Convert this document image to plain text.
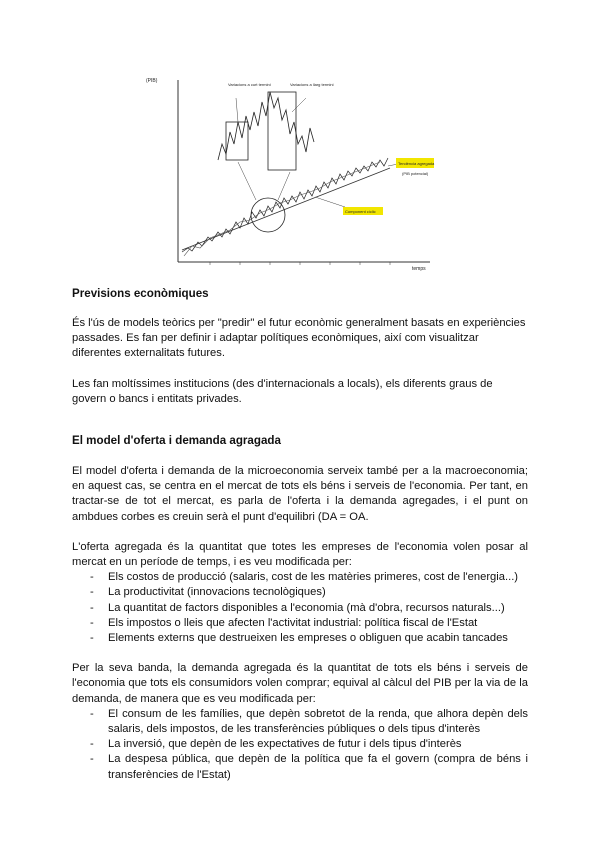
(PIB)
temps
Variacions a curt termini	Variacions a llarg termini
Tendència agregada
(PIB potencial)
Component cíclic
Previsions econòmiques

És l'ús de models teòrics per "predir" el futur econòmic generalment basats en experiències passades. Es fan per definir i adaptar polítiques econòmiques, així com visualitzar diferentes externalitats futures.

Les fan moltíssimes institucions (des d'internacionals a locals), els diferents graus de govern o bancs i entitats privades.

El model d'oferta i demanda agragada

El model d'oferta i demanda de la microeconomia serveix també per a la macroeconomia; en aquest cas, se centra en el mercat de tots els béns i serveis de l'economia. Per tant, en tractar-se de tot el mercat, es parla de l'oferta i la demanda agregades, i el punt on ambdues corbes es creuin serà el punt d'equilibri (DA = OA.

L'oferta agregada és la quantitat que totes les empreses de l'economia volen posar al mercat en un període de temps, i es veu modificada per:

- Els costos de producció (salaris, cost de les matèries primeres, cost de l'energia...)
- La productivitat (innovacions tecnològiques)
- La quantitat de factors disponibles a l'economia (mà d'obra, recursos naturals...)
- Els impostos o lleis que afecten l'activitat industrial: política fiscal de l'Estat
- Elements externs que destrueixen les empreses o obliguen que acabin tancades

Per la seva banda, la demanda agregada és la quantitat de tots els béns i serveis de l'economia que tots els consumidors volen comprar; equival al càlcul del PIB per la via de la demanda, de manera que es veu modificada per:

- El consum de les famílies, que depèn sobretot de la renda, que alhora depèn dels salaris, dels impostos, de les transferències públiques o dels tipus d'interès
- La inversió, que depèn de les expectatives de futur i dels tipus d'interès
- La despesa pública, que depèn de la política que fa el govern (compra de béns i transferències de l'Estat)
